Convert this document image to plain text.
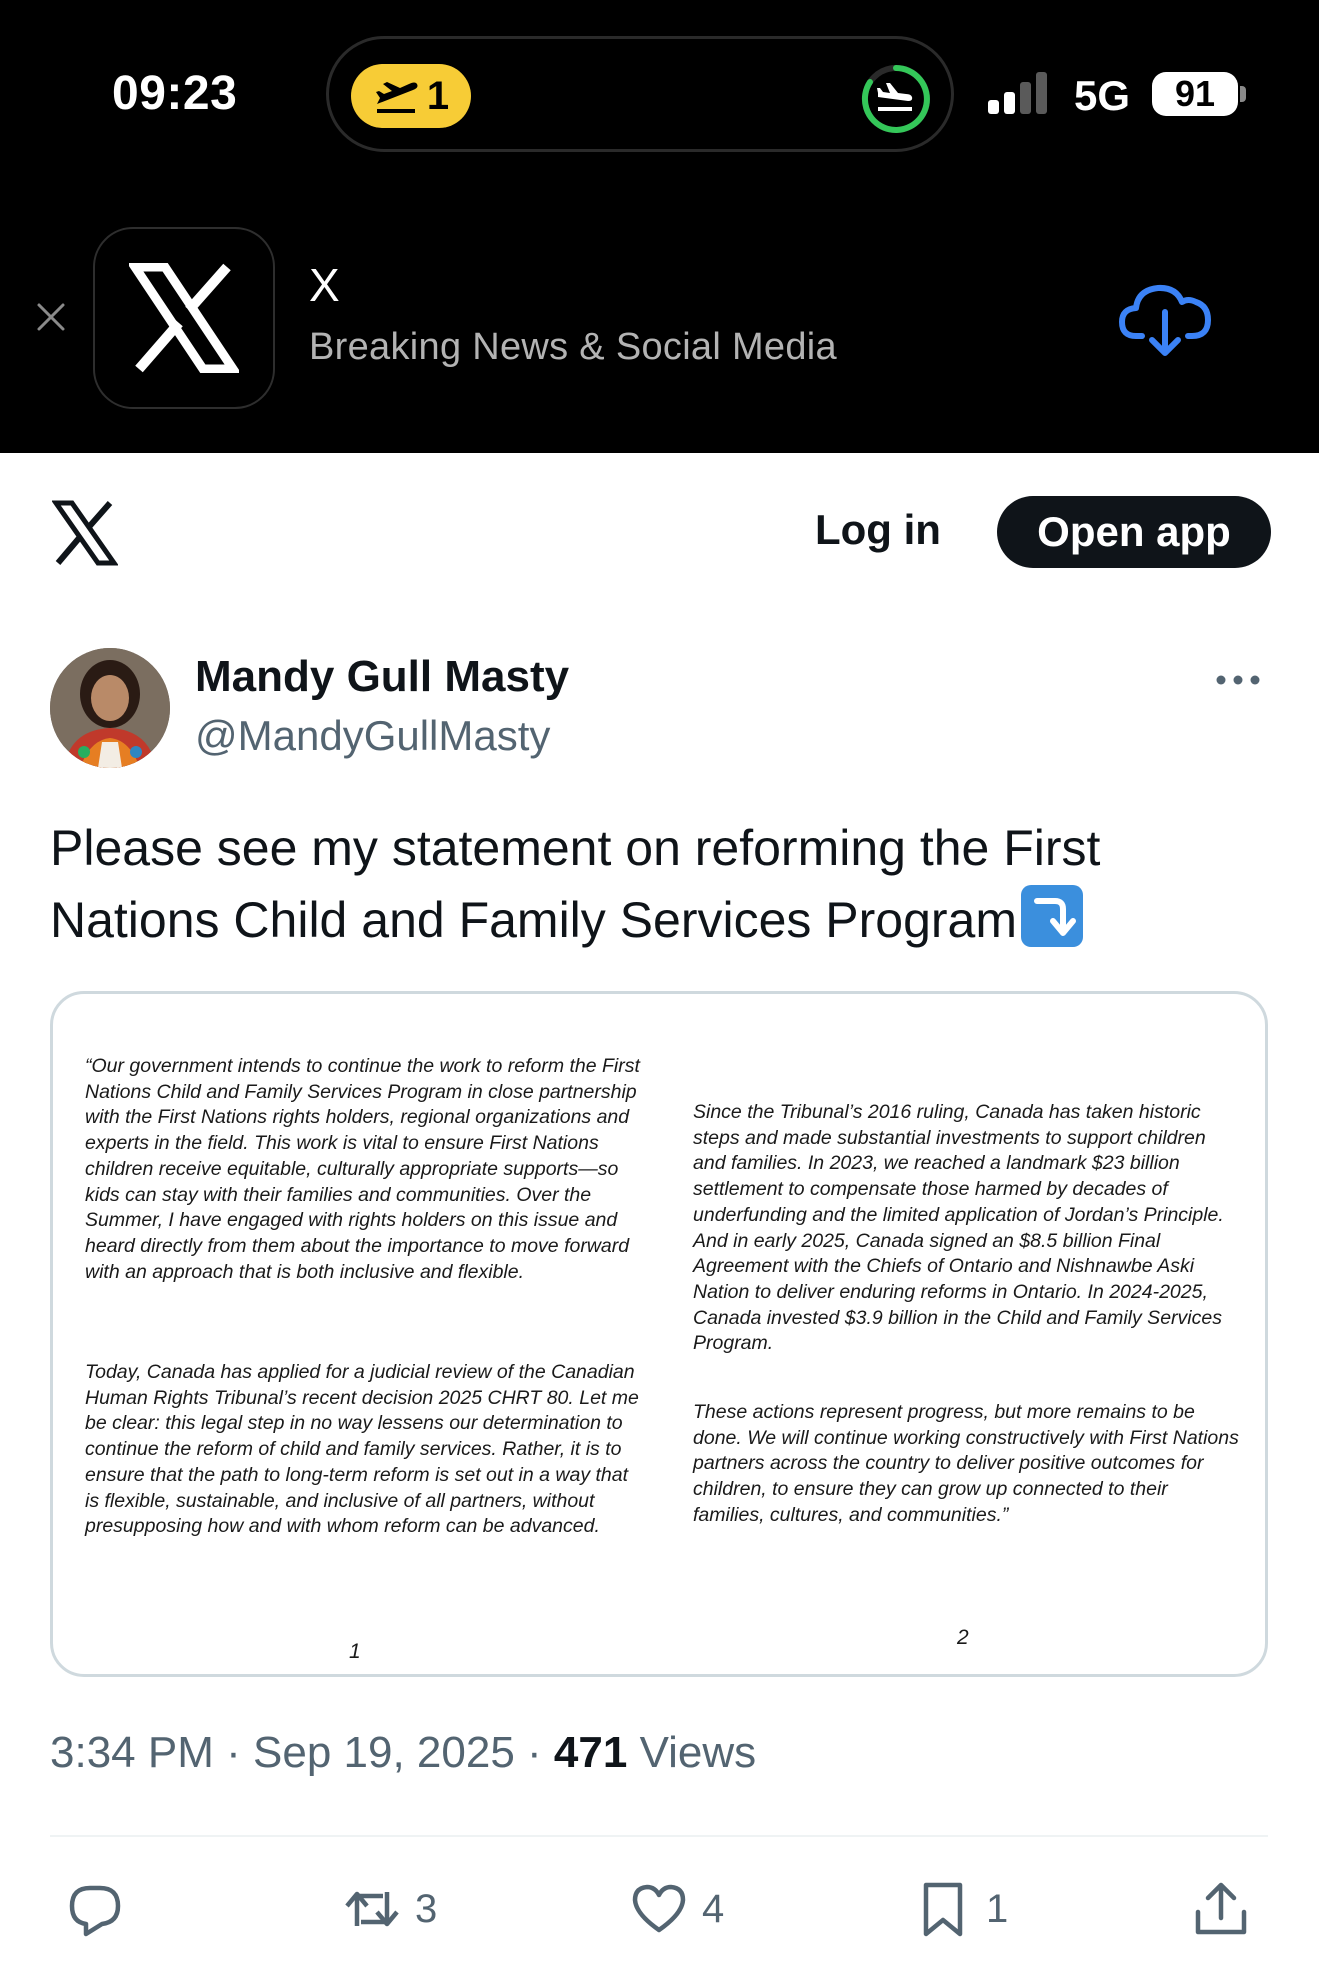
09:23	1	5G 91
X
Breaking News & Social Media
Log in	Open app
Mandy Gull Masty
@MandyGullMasty
Please see my statement on reforming the First Nations Child and Family Services Program
“Our government intends to continue the work to reform the First Nations Child and Family Services Program in close partnership with the First Nations rights holders, regional organizations and experts in the field. This work is vital to ensure First Nations children receive equitable, culturally appropriate supports—so kids can stay with their families and communities. Over the Summer, I have engaged with rights holders on this issue and heard directly from them about the importance to move forward with an approach that is both inclusive and flexible.
Today, Canada has applied for a judicial review of the Canadian Human Rights Tribunal’s recent decision 2025 CHRT 80. Let me be clear: this legal step in no way lessens our determination to continue the reform of child and family services. Rather, it is to ensure that the path to long-term reform is set out in a way that is flexible, sustainable, and inclusive of all partners, without presupposing how and with whom reform can be advanced.
1
Since the Tribunal’s 2016 ruling, Canada has taken historic steps and made substantial investments to support children and families. In 2023, we reached a landmark $23 billion settlement to compensate those harmed by decades of underfunding and the limited application of Jordan’s Principle. And in early 2025, Canada signed an $8.5 billion Final Agreement with the Chiefs of Ontario and Nishnawbe Aski Nation to deliver enduring reforms in Ontario. In 2024-2025, Canada invested $3.9 billion in the Child and Family Services Program.
These actions represent progress, but more remains to be done. We will continue working constructively with First Nations partners across the country to deliver positive outcomes for children, to ensure they can grow up connected to their families, cultures, and communities.”
2
3:34 PM · Sep 19, 2025 · 471 Views
3	4	1
